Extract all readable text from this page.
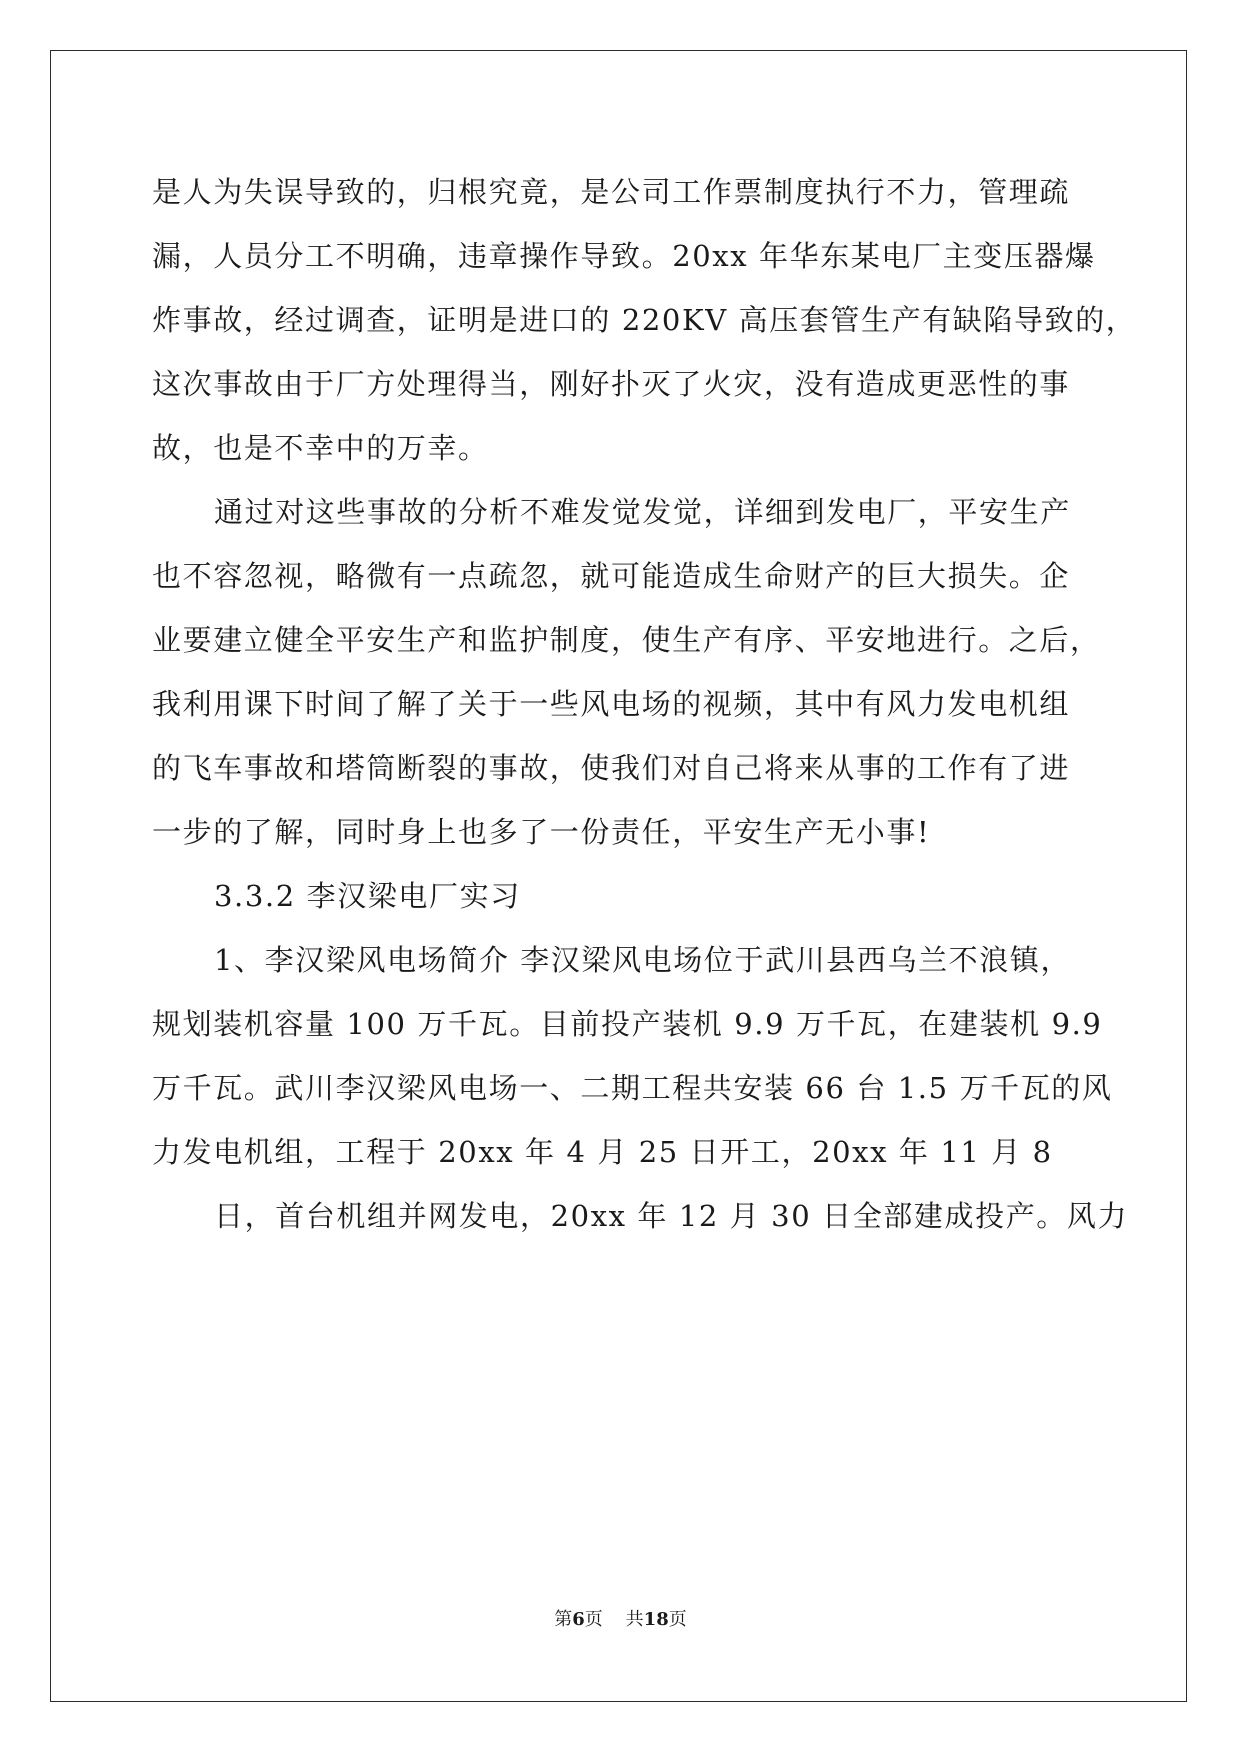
是人为失误导致的，归根究竟，是公司工作票制度执行不力，管理疏
漏，人员分工不明确，违章操作导致。20xx 年华东某电厂主变压器爆
炸事故，经过调查，证明是进口的 220KV 高压套管生产有缺陷导致的，
这次事故由于厂方处理得当，刚好扑灭了火灾，没有造成更恶性的事
故，也是不幸中的万幸。
通过对这些事故的分析不难发觉发觉，详细到发电厂，平安生产
也不容忽视，略微有一点疏忽，就可能造成生命财产的巨大损失。企
业要建立健全平安生产和监护制度，使生产有序、平安地进行。之后，
我利用课下时间了解了关于一些风电场的视频，其中有风力发电机组
的飞车事故和塔筒断裂的事故，使我们对自己将来从事的工作有了进
一步的了解，同时身上也多了一份责任，平安生产无小事!
3.3.2 李汉梁电厂实习
1、李汉梁风电场简介 李汉梁风电场位于武川县西乌兰不浪镇，
规划装机容量 100 万千瓦。目前投产装机 9.9 万千瓦，在建装机 9.9
万千瓦。武川李汉梁风电场一、二期工程共安装 66 台 1.5 万千瓦的风
力发电机组，工程于 20xx 年 4 月 25 日开工，20xx 年 11 月 8
日，首台机组并网发电，20xx 年 12 月 30 日全部建成投产。风力
第6页 共18页
